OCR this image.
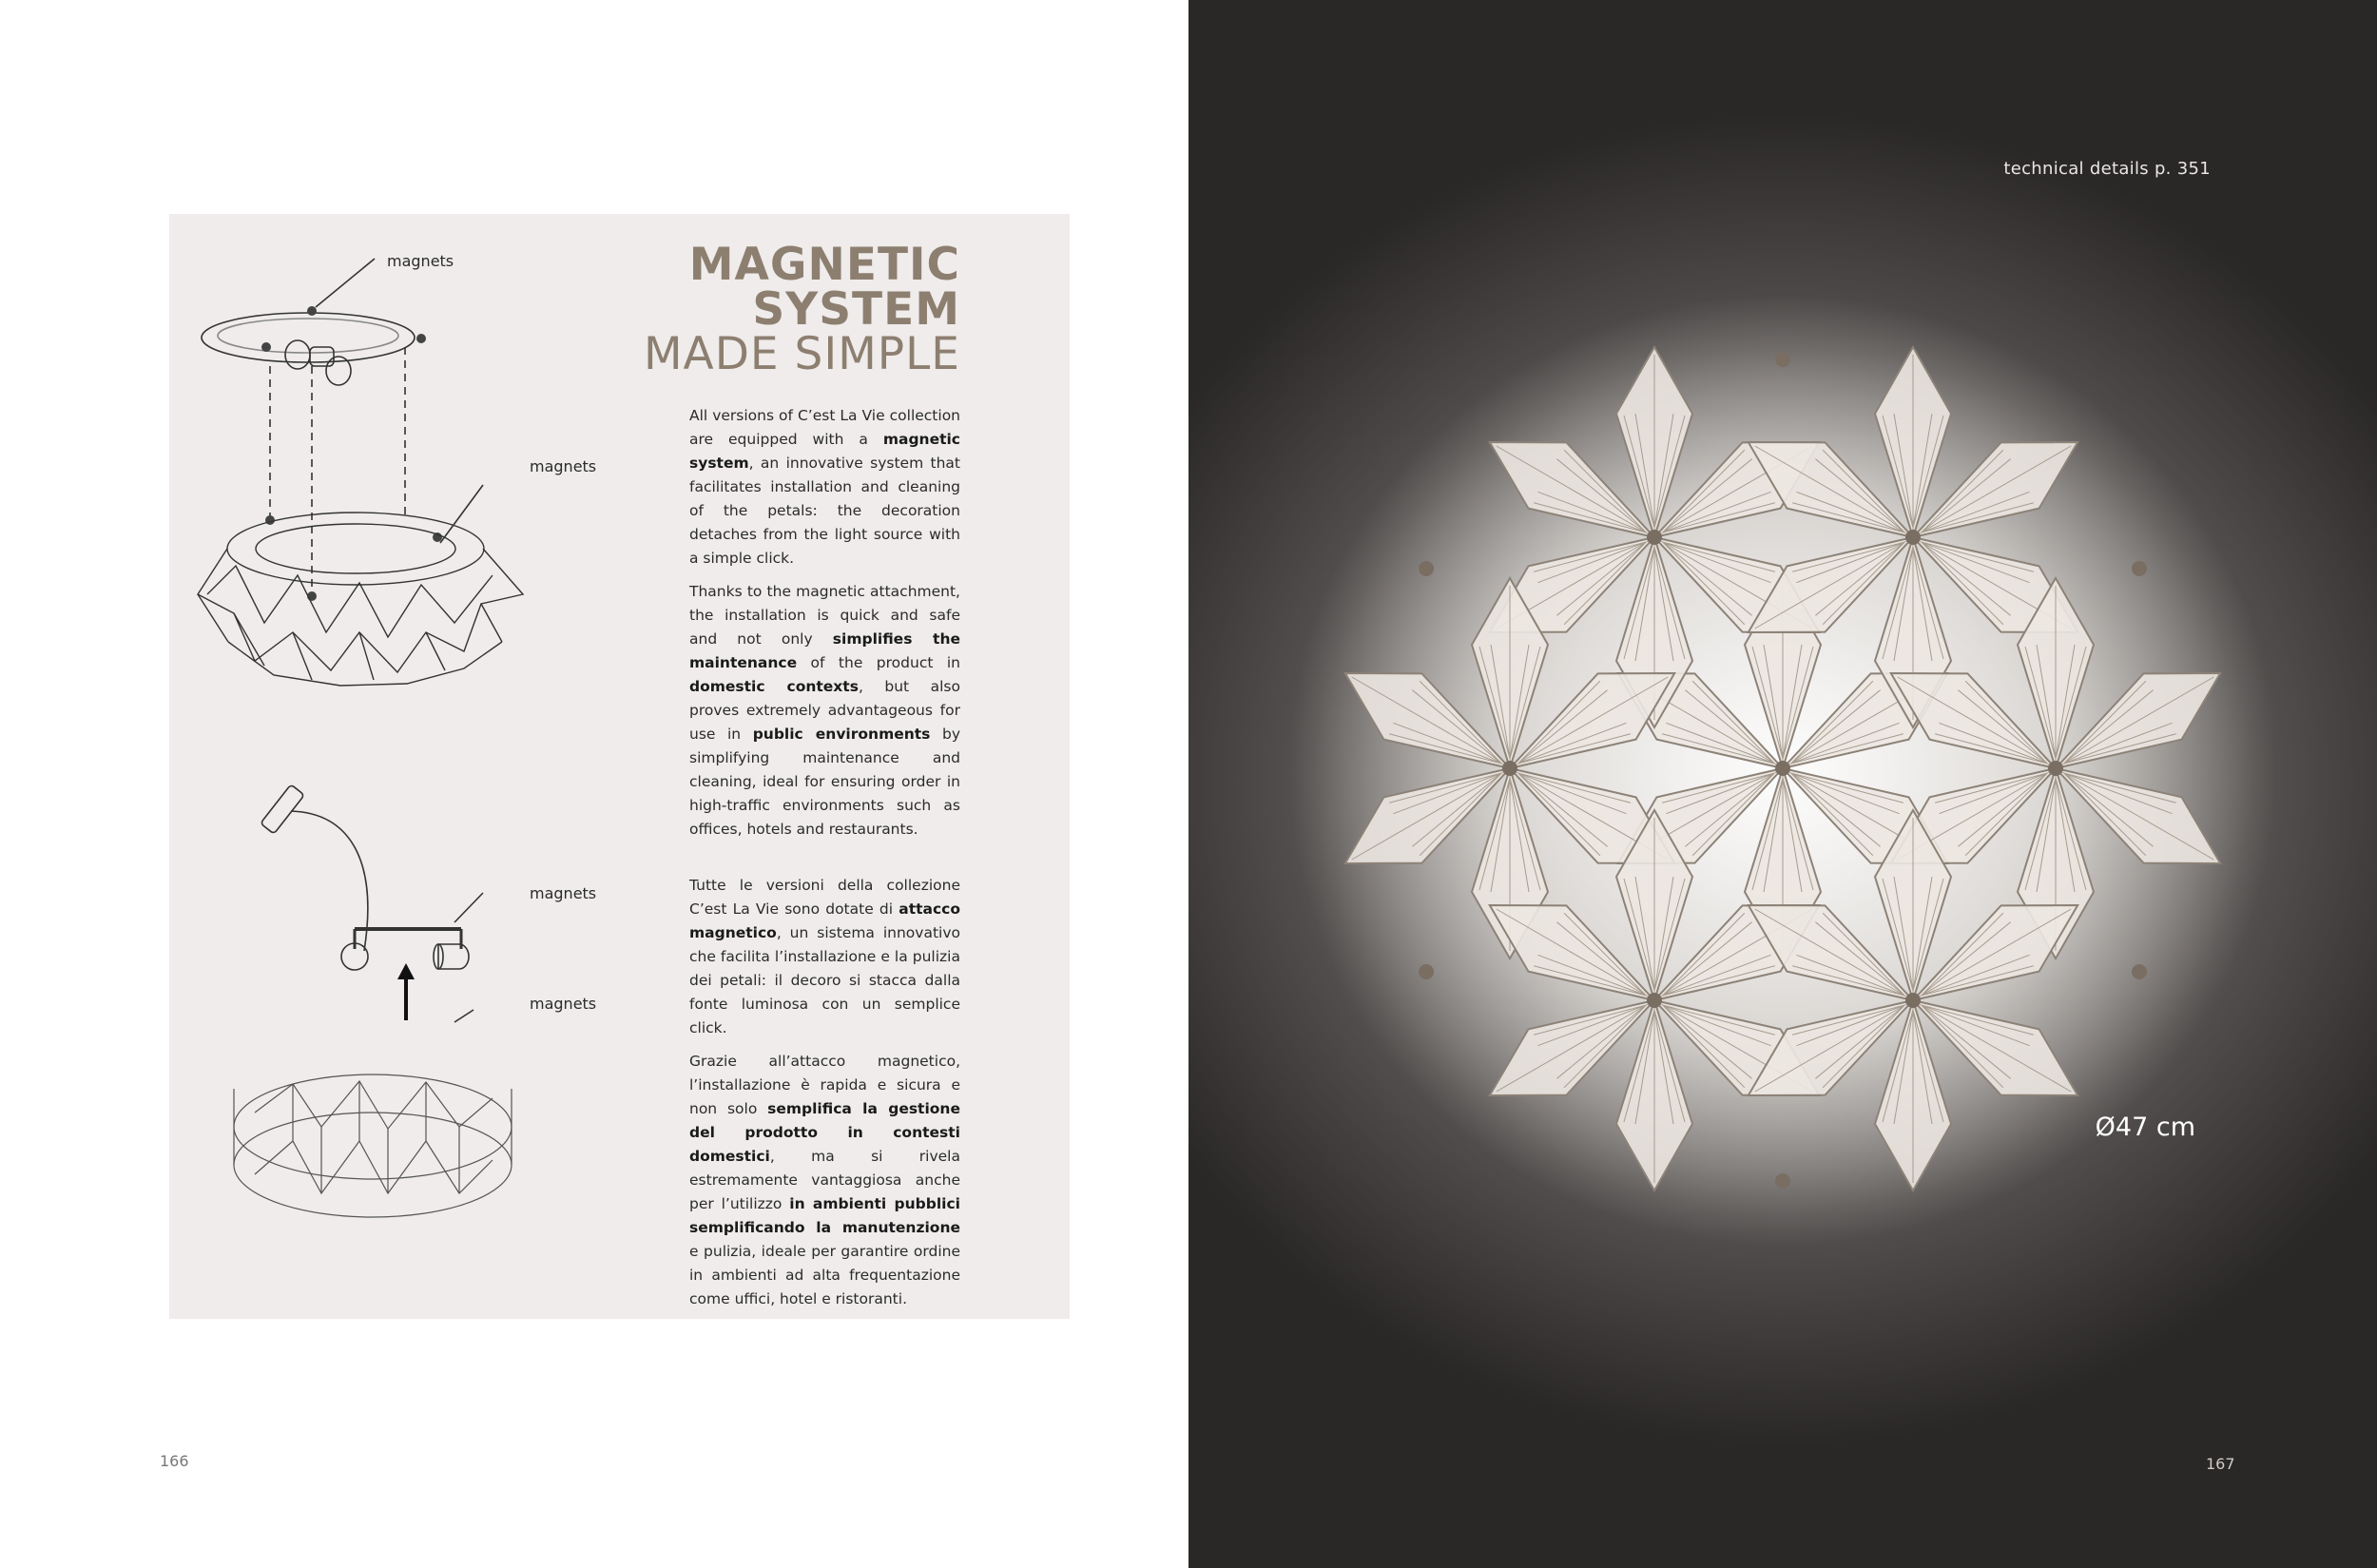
magnets
magnets
magnets
magnets
MAGNETIC
SYSTEM
MADE SIMPLE

All versions of C’est La Vie collection are equipped with a magnetic system, an innovative system that facilitates installation and cleaning of the petals: the decoration detaches from the light source with a simple click.

Thanks to the magnetic attachment, the installation is quick and safe and not only simplifies the maintenance of the product in domestic contexts, but also proves extremely advantageous for use in public environments by simplifying maintenance and cleaning, ideal for ensuring order in high-traffic environments such as offices, hotels and restaurants.

Tutte le versioni della collezione C’est La Vie sono dotate di attacco magnetico, un sistema innovativo che facilita l’installazione e la pulizia dei petali: il decoro si stacca dalla fonte luminosa con un semplice click.

Grazie all’attacco magnetico, l’installazione è rapida e sicura e non solo semplifica la gestione del prodotto in contesti domestici, ma si rivela estremamente vantaggiosa anche per l’utilizzo in ambienti pubblici semplificando la manutenzione e pulizia, ideale per garantire ordine in ambienti ad alta frequentazione come uffici, hotel e ristoranti.

166
technical details p. 351
Ø47 cm
167
